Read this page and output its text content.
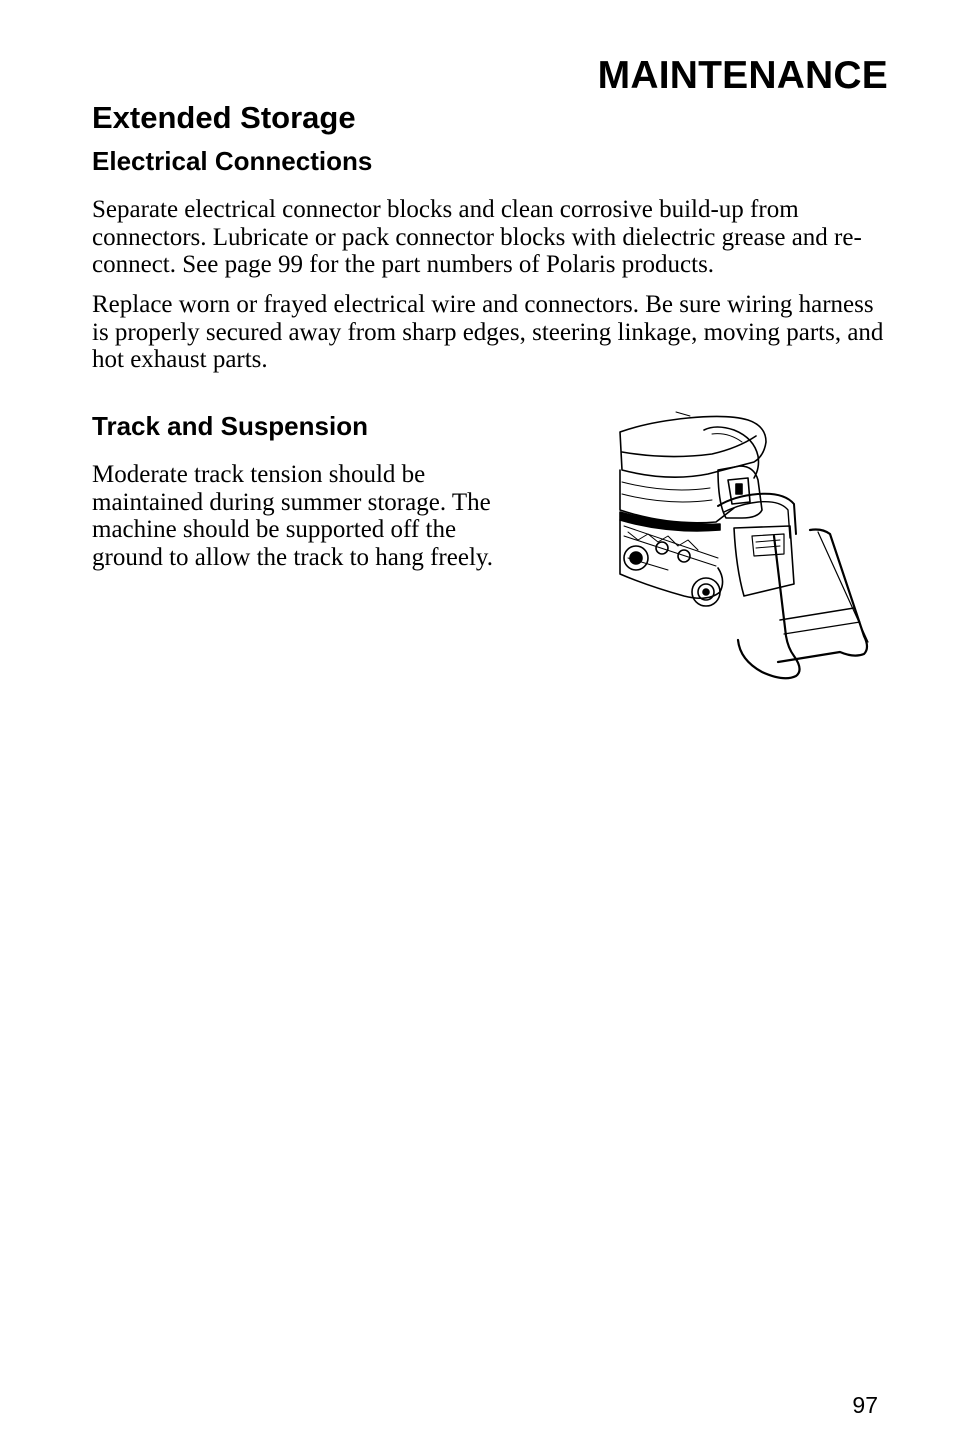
MAINTENANCE
Extended Storage
Electrical Connections

Separate electrical connector blocks and clean corrosive build-up from connectors. Lubricate or pack connector blocks with dielectric grease and re-connect. See page 99 for the part numbers of Polaris products.

Replace worn or frayed electrical wire and connectors. Be sure wiring harness is properly secured away from sharp edges, steering linkage, moving parts, and hot exhaust parts.

Track and Suspension

Moderate track tension should be maintained during summer storage. The machine should be supported off the ground to allow the track to hang freely.

97
